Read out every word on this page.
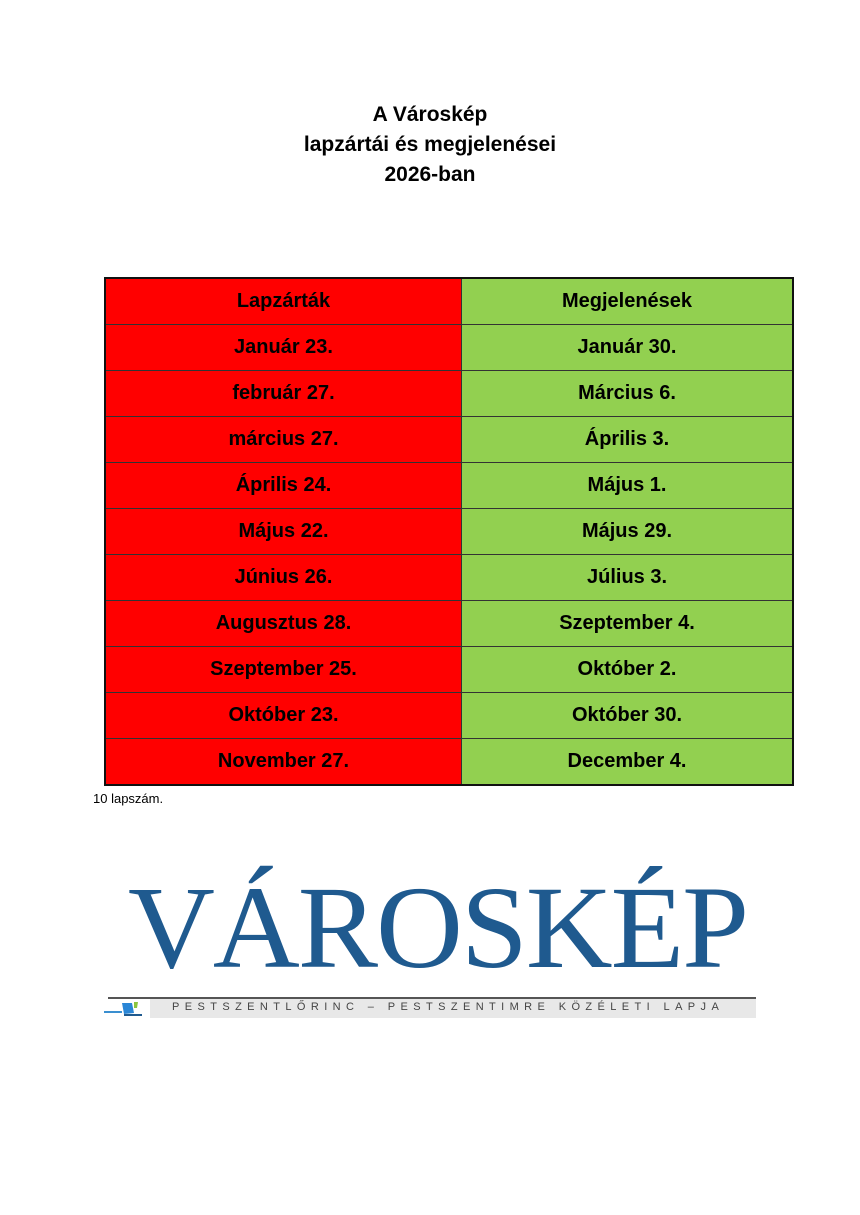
A Városkép
lapzártái és megjelenései
2026-ban
Lapzárták	Megjelenések
Január 23.	Január 30.
február 27.	Március 6.
március 27.	Április 3.
Április 24.	Május 1.
Május 22.	Május 29.
Június 26.	Július 3.
Augusztus 28.	Szeptember 4.
Szeptember 25.	Október 2.
Október 23.	Október 30.
November 27.	December 4.
10 lapszám.
VÁROSKÉP
PESTSZENTLŐRINC – PESTSZENTIMRE KÖZÉLETI LAPJA
